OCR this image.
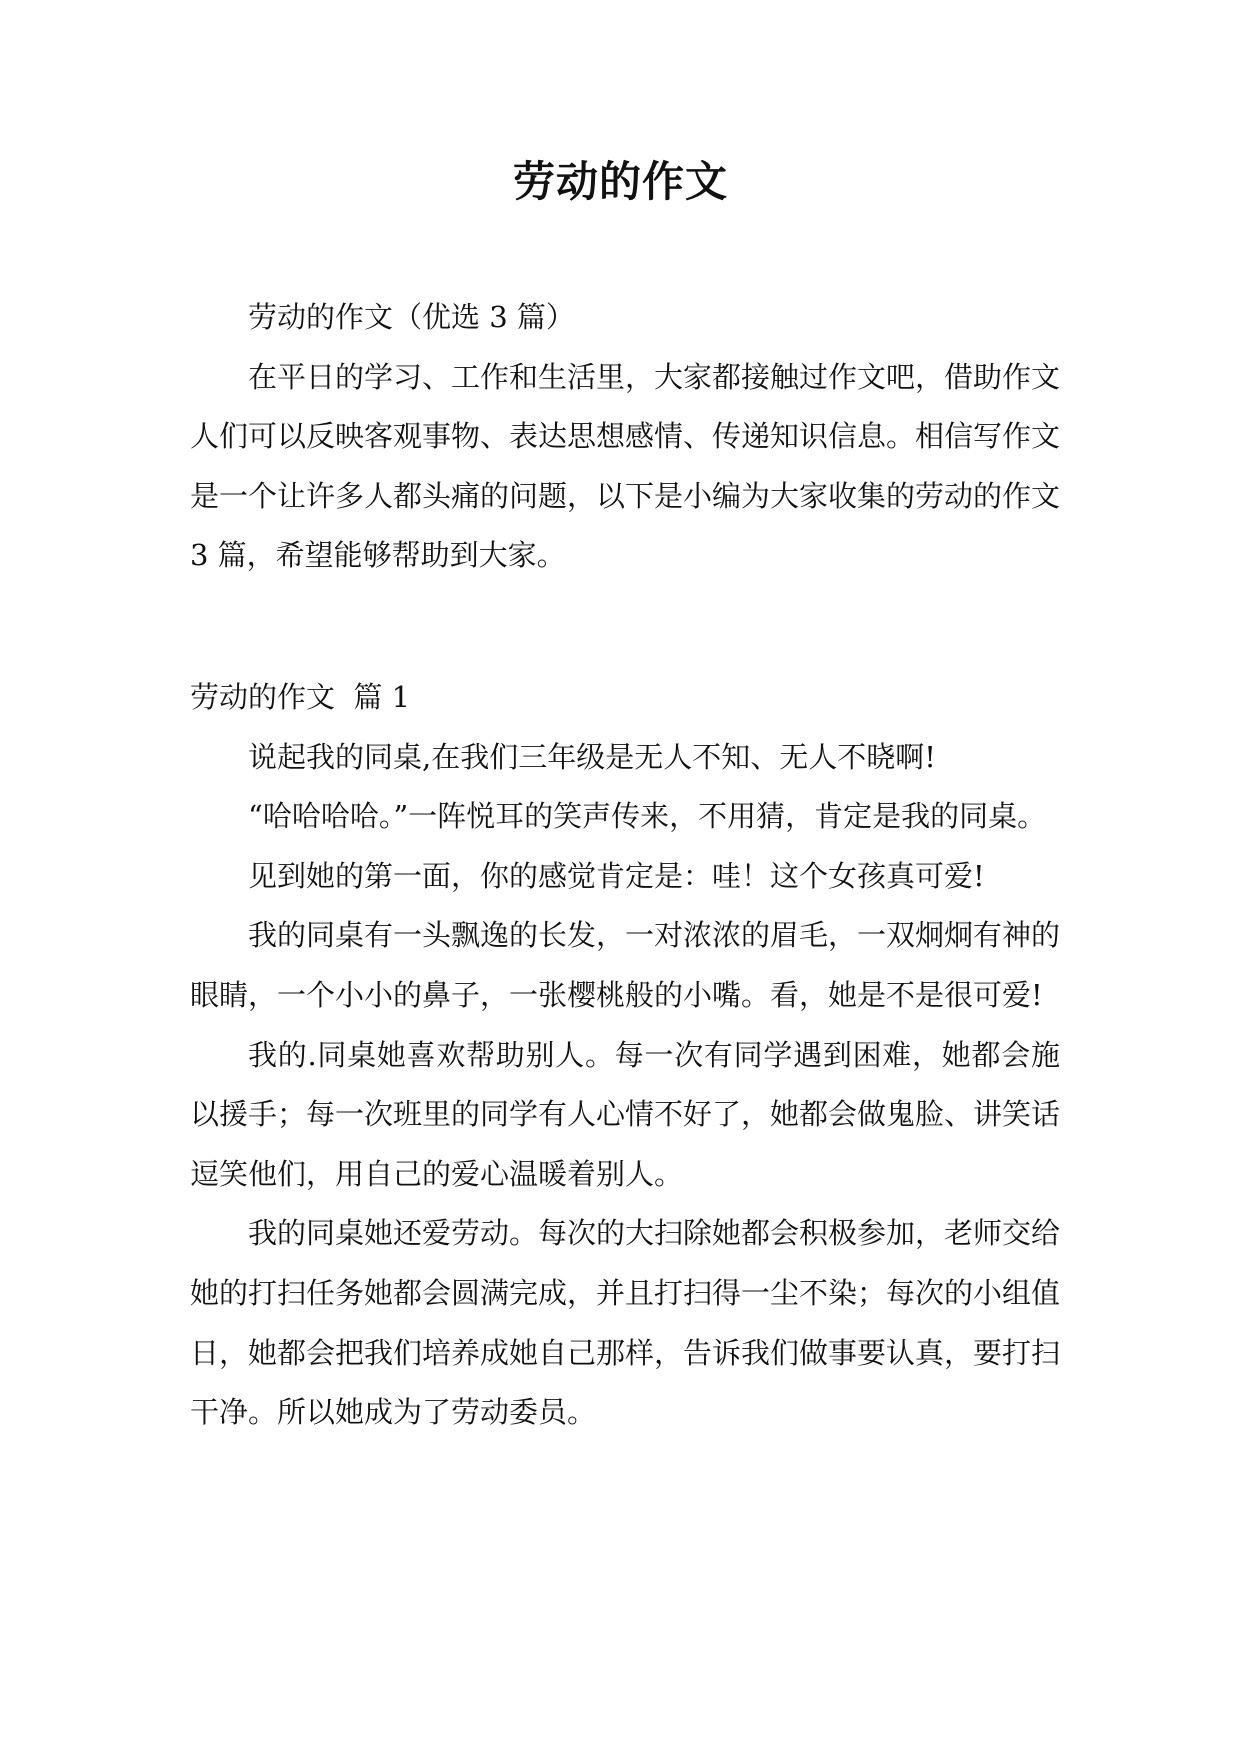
劳动的作文

劳动的作文（优选 3 篇）

在平日的学习、工作和生活里，大家都接触过作文吧，借助作文人们可以反映客观事物、表达思想感情、传递知识信息。相信写作文是一个让许多人都头痛的问题，以下是小编为大家收集的劳动的作文 3 篇，希望能够帮助到大家。

劳动的作文  篇 1

说起我的同桌,在我们三年级是无人不知、无人不晓啊!

“哈哈哈哈。”一阵悦耳的笑声传来，不用猜，肯定是我的同桌。

见到她的第一面，你的感觉肯定是：哇！这个女孩真可爱!

我的同桌有一头飘逸的长发，一对浓浓的眉毛，一双炯炯有神的眼睛，一个小小的鼻子，一张樱桃般的小嘴。看，她是不是很可爱!

我的.同桌她喜欢帮助别人。每一次有同学遇到困难，她都会施以援手；每一次班里的同学有人心情不好了，她都会做鬼脸、讲笑话逗笑他们，用自己的爱心温暖着别人。

我的同桌她还爱劳动。每次的大扫除她都会积极参加，老师交给她的打扫任务她都会圆满完成，并且打扫得一尘不染；每次的小组值日，她都会把我们培养成她自己那样，告诉我们做事要认真，要打扫干净。所以她成为了劳动委员。
